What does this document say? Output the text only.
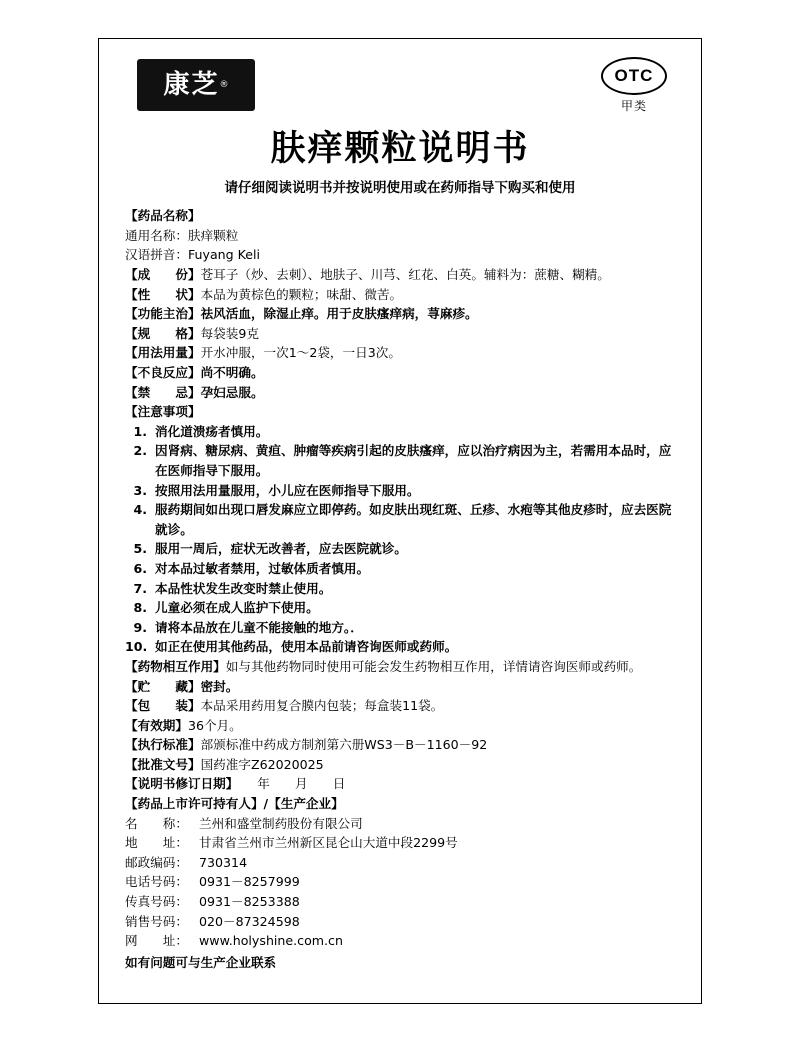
康芝 ®	OTC
甲类
肤痒颗粒说明书
请仔细阅读说明书并按说明使用或在药师指导下购买和使用
【药品名称】
通用名称：肤痒颗粒
汉语拼音：Fuyang Keli
【成　　份】苍耳子（炒、去刺）、地肤子、川芎、红花、白英。辅料为：蔗糖、糊精。
【性　　状】本品为黄棕色的颗粒；味甜、微苦。
【功能主治】祛风活血，除湿止痒。用于皮肤瘙痒病，荨麻疹。
【规　　格】每袋装9克
【用法用量】开水冲服，一次1～2袋，一日3次。
【不良反应】尚不明确。
【禁　　忌】孕妇忌服。
【注意事项】
1. 消化道溃疡者慎用。
2. 因肾病、糖尿病、黄疸、肿瘤等疾病引起的皮肤瘙痒，应以治疗病因为主，若需用本品时，应在医师指导下服用。
3. 按照用法用量服用，小儿应在医师指导下服用。
4. 服药期间如出现口唇发麻应立即停药。如皮肤出现红斑、丘疹、水疱等其他皮疹时，应去医院就诊。
5. 服用一周后，症状无改善者，应去医院就诊。
6. 对本品过敏者禁用，过敏体质者慎用。
7. 本品性状发生改变时禁止使用。
8. 儿童必须在成人监护下使用。
9. 请将本品放在儿童不能接触的地方。．
10. 如正在使用其他药品，使用本品前请咨询医师或药师。
【药物相互作用】如与其他药物同时使用可能会发生药物相互作用，详情请咨询医师或药师。
【贮　　藏】密封。
【包　　装】本品采用药用复合膜内包装；每盒装11袋。
【有效期】36个月。
【执行标准】部颁标准中药成方制剂第六册WS3－B－1160－92
【批准文号】国药准字Z62020025
【说明书修订日期】　　年　　月　　日
【药品上市许可持有人】/【生产企业】
名　　称： 兰州和盛堂制药股份有限公司
地　　址： 甘肃省兰州市兰州新区昆仑山大道中段2299号
邮政编码： 730314
电话号码： 0931－8257999
传真号码： 0931－8253388
销售号码： 020－87324598
网　　址： www.holyshine.com.cn
如有问题可与生产企业联系
